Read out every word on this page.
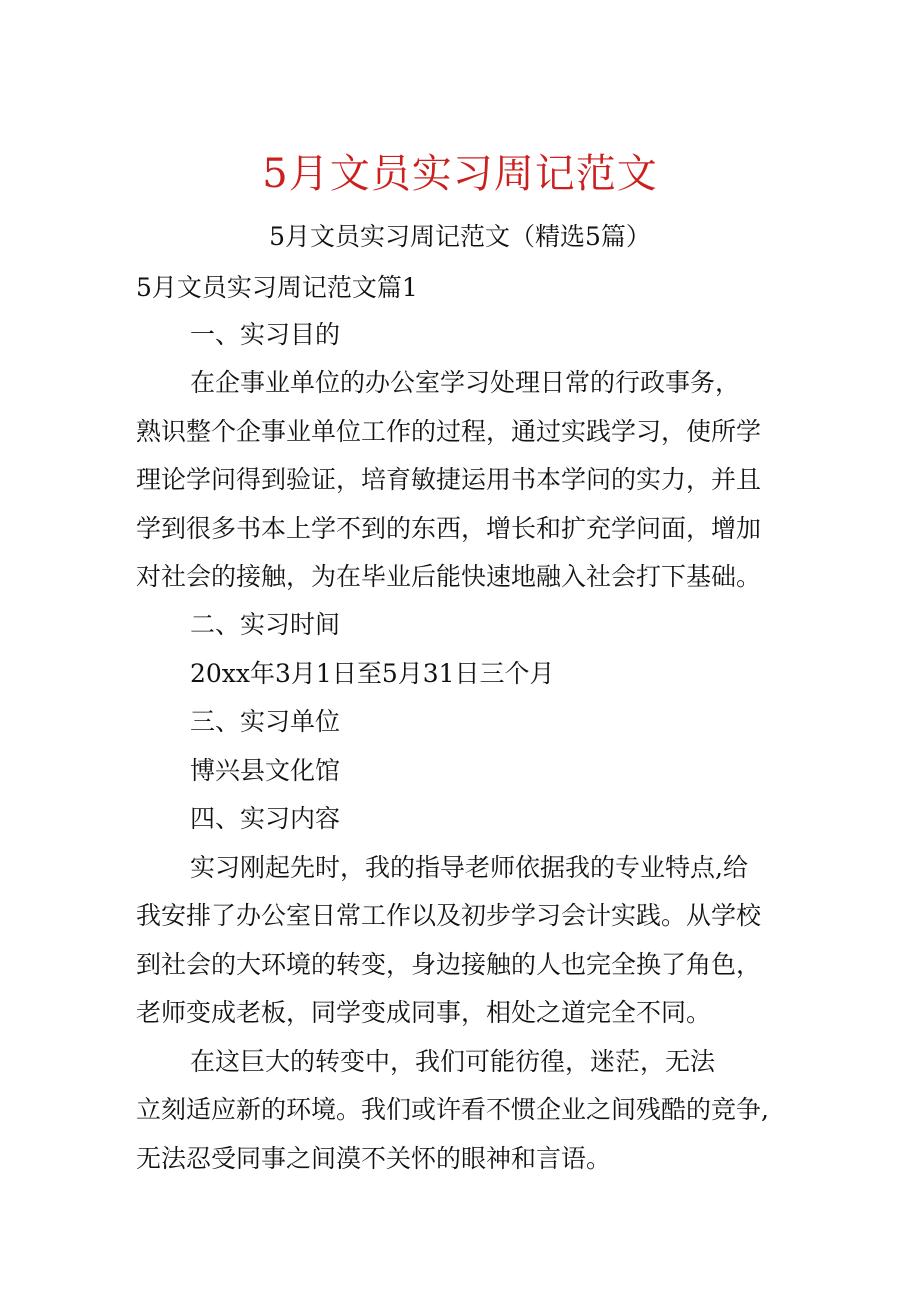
5月文员实习周记范文
5月文员实习周记范文（精选5篇）
5月文员实习周记范文篇1
一、实习目的
在企事业单位的办公室学习处理日常的行政事务，
熟识整个企事业单位工作的过程，通过实践学习，使所学
理论学问得到验证，培育敏捷运用书本学问的实力，并且
学到很多书本上学不到的东西，增长和扩充学问面，增加
对社会的接触，为在毕业后能快速地融入社会打下基础。
二、实习时间
20xx年3月1日至5月31日三个月
三、实习单位
博兴县文化馆
四、实习内容
实习刚起先时，我的指导老师依据我的专业特点,给
我安排了办公室日常工作以及初步学习会计实践。从学校
到社会的大环境的转变，身边接触的人也完全换了角色，
老师变成老板，同学变成同事，相处之道完全不同。
在这巨大的转变中，我们可能彷徨，迷茫，无法
立刻适应新的环境。我们或许看不惯企业之间残酷的竞争,
无法忍受同事之间漠不关怀的眼神和言语。
